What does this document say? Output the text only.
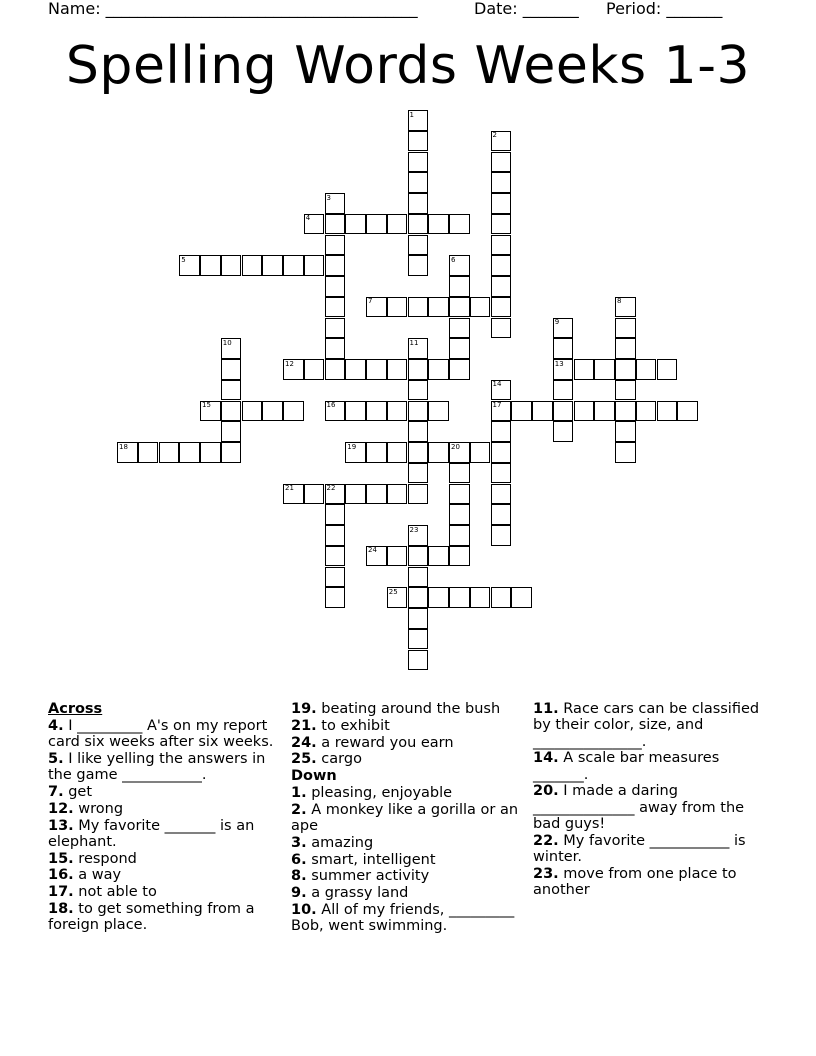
Name: _______________________________________	Date: _______ Period: _______
Spelling Words Weeks 1-3
1
2
3
4
5	6
7	8
9
10	11
12	13
14
15	16	17
18	19	20
21	22
23
24
25
Across
4. I _________ A's on my report card six weeks after six weeks.
5. I like yelling the answers in the game ___________.
7. get
12. wrong
13. My favorite _______ is an elephant.
15. respond
16. a way
17. not able to
18. to get something from a foreign place.
19. beating around the bush
21. to exhibit
24. a reward you earn
25. cargo
Down
1. pleasing, enjoyable
2. A monkey like a gorilla or an ape
3. amazing
6. smart, intelligent
8. summer activity
9. a grassy land
10. All of my friends, _________ Bob, went swimming.
11. Race cars can be classified by their color, size, and _______________.
14. A scale bar measures _______.
20. I made a daring ______________ away from the bad guys!
22. My favorite ___________ is winter.
23. move from one place to another
